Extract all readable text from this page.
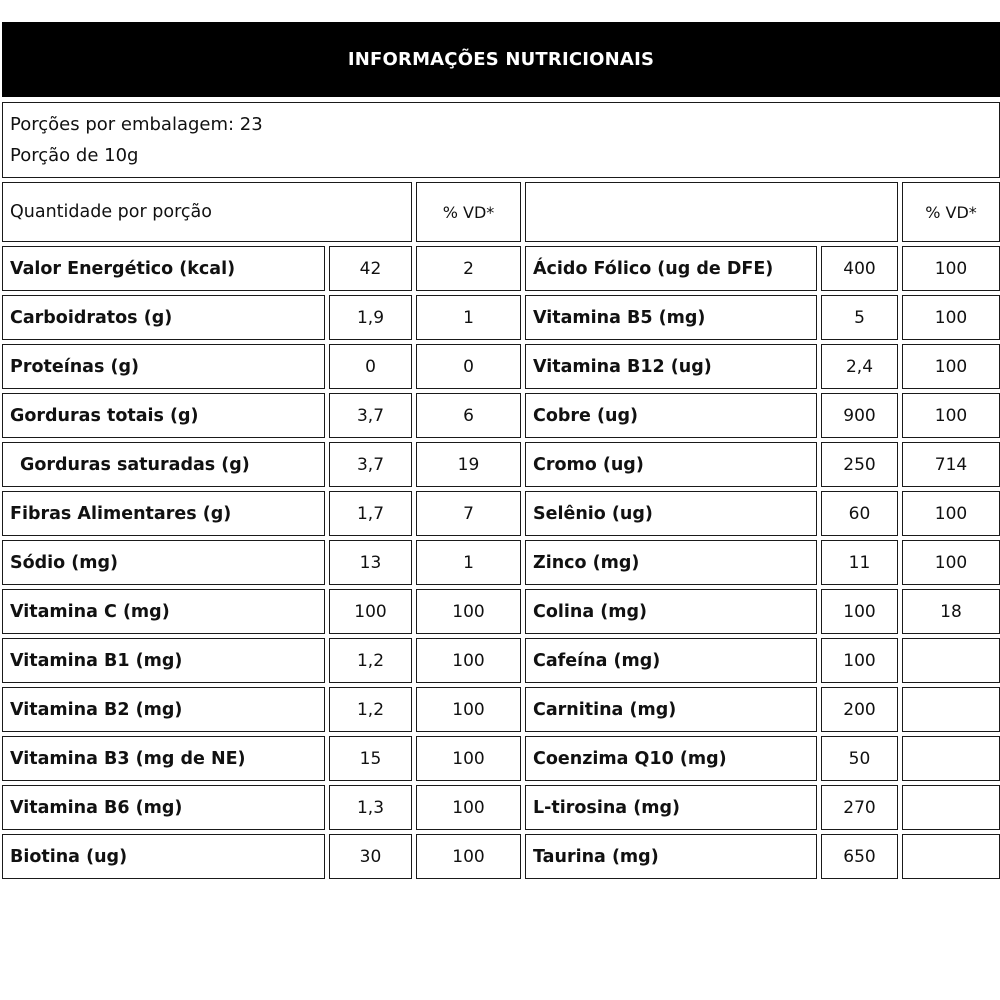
INFORMAÇÕES NUTRICIONAIS
Porções por embalagem: 23
Porção de 10g
Quantidade por porção	% VD*	% VD*
Valor Energético (kcal)	42	2	Ácido Fólico (ug de DFE)	400	100
Carboidratos (g)	1,9	1	Vitamina B5 (mg)	5	100
Proteínas (g)	0	0	Vitamina B12 (ug)	2,4	100
Gorduras totais (g)	3,7	6	Cobre (ug)	900	100
Gorduras saturadas (g)	3,7	19	Cromo (ug)	250	714
Fibras Alimentares (g)	1,7	7	Selênio (ug)	60	100
Sódio (mg)	13	1	Zinco (mg)	11	100
Vitamina C (mg)	100	100	Colina (mg)	100	18
Vitamina B1 (mg)	1,2	100	Cafeína (mg)	100
Vitamina B2 (mg)	1,2	100	Carnitina (mg)	200
Vitamina B3 (mg de NE)	15	100	Coenzima Q10 (mg)	50
Vitamina B6 (mg)	1,3	100	L-tirosina (mg)	270
Biotina (ug)	30	100	Taurina (mg)	650
